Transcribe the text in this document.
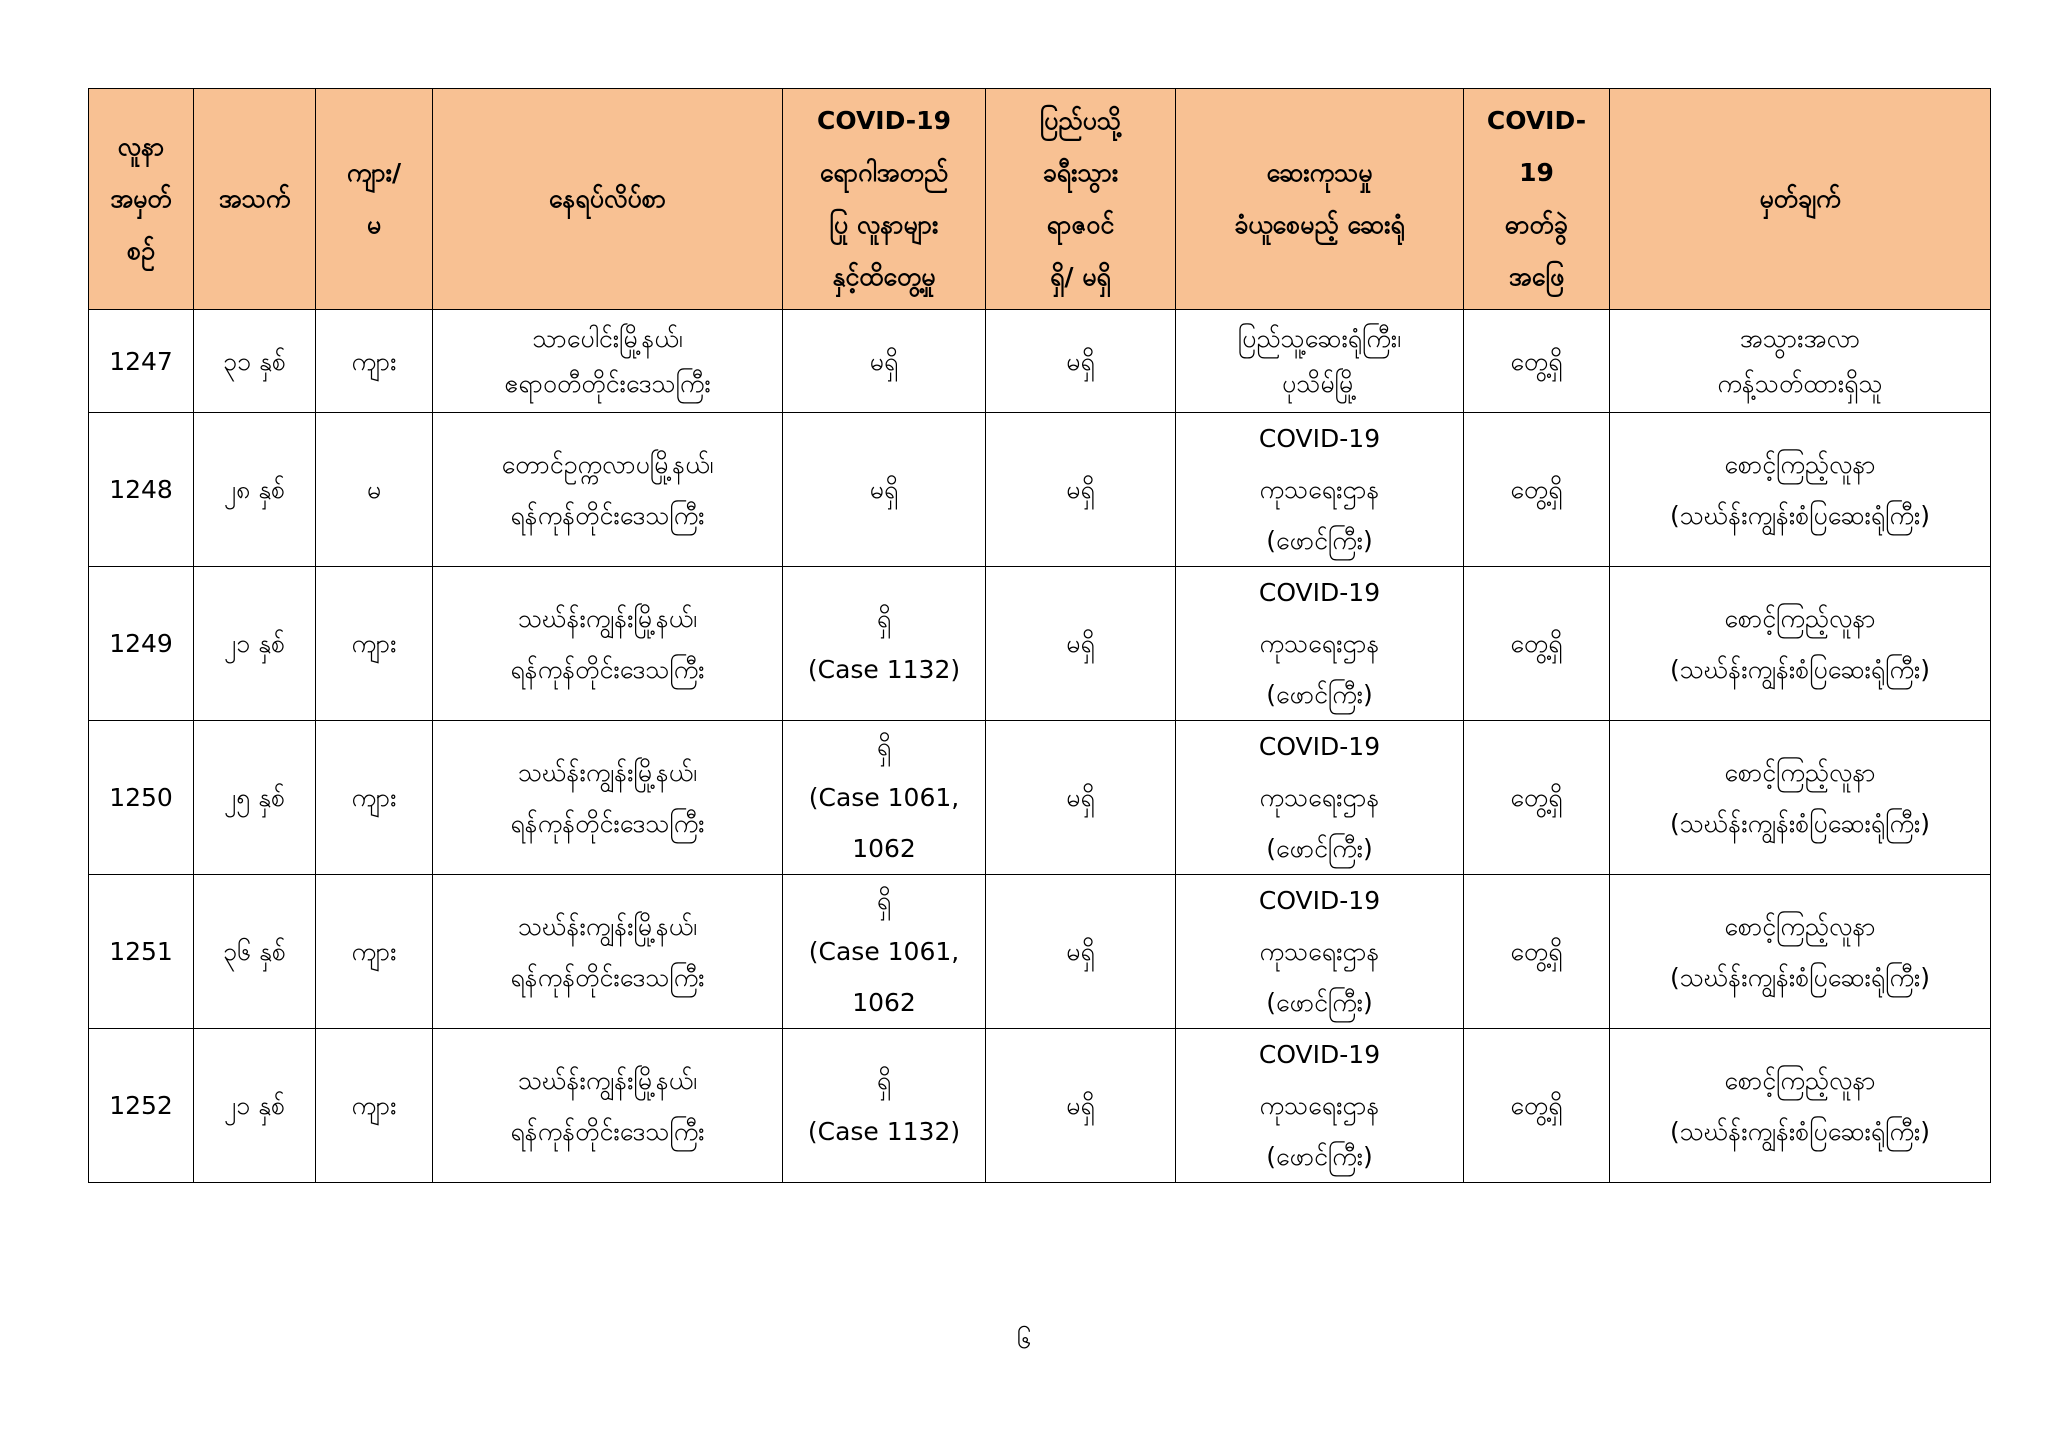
လူနာ
အမှတ်
စဉ်	အသက်	ကျား/
မ	နေရပ်လိပ်စာ	COVID-19
ရောဂါအတည်
ပြု လူနာများ
နှင့်ထိတွေ့မှု	ပြည်ပသို့
ခရီးသွား
ရာဇဝင်
ရှိ/ မရှိ	ဆေးကုသမှု
ခံယူစေမည့် ဆေးရုံ	COVID-
19
ဓာတ်ခွဲ
အဖြေ	မှတ်ချက်

1247	၃၁ နှစ်	ကျား	သာပေါင်းမြို့နယ်၊
ဧရာဝတီတိုင်းဒေသကြီး	မရှိ	မရှိ	ပြည်သူ့ဆေးရုံကြီး၊
ပုသိမ်မြို့	တွေ့ရှိ	အသွားအလာ
ကန့်သတ်ထားရှိသူ

1248	၂၈ နှစ်	မ	တောင်ဥက္ကလာပမြို့နယ်၊
ရန်ကုန်တိုင်းဒေသကြီး	မရှိ	မရှိ	COVID-19
ကုသရေးဌာန
(ဖောင်ကြီး)	တွေ့ရှိ	စောင့်ကြည့်လူနာ
(သဃ်န်းကျွန်းစံပြဆေးရုံကြီး)

1249	၂၁ နှစ်	ကျား	သဃ်န်းကျွန်းမြို့နယ်၊
ရန်ကုန်တိုင်းဒေသကြီး	ရှိ
(Case 1132)	မရှိ	COVID-19
ကုသရေးဌာန
(ဖောင်ကြီး)	တွေ့ရှိ	စောင့်ကြည့်လူနာ
(သဃ်န်းကျွန်းစံပြဆေးရုံကြီး)

1250	၂၅ နှစ်	ကျား	သဃ်န်းကျွန်းမြို့နယ်၊
ရန်ကုန်တိုင်းဒေသကြီး	ရှိ
(Case 1061,
1062	မရှိ	COVID-19
ကုသရေးဌာန
(ဖောင်ကြီး)	တွေ့ရှိ	စောင့်ကြည့်လူနာ
(သဃ်န်းကျွန်းစံပြဆေးရုံကြီး)

1251	၃၆ နှစ်	ကျား	သဃ်န်းကျွန်းမြို့နယ်၊
ရန်ကုန်တိုင်းဒေသကြီး	ရှိ
(Case 1061,
1062	မရှိ	COVID-19
ကုသရေးဌာန
(ဖောင်ကြီး)	တွေ့ရှိ	စောင့်ကြည့်လူနာ
(သဃ်န်းကျွန်းစံပြဆေးရုံကြီး)

1252	၂၁ နှစ်	ကျား	သဃ်န်းကျွန်းမြို့နယ်၊
ရန်ကုန်တိုင်းဒေသကြီး	ရှိ
(Case 1132)	မရှိ	COVID-19
ကုသရေးဌာန
(ဖောင်ကြီး)	တွေ့ရှိ	စောင့်ကြည့်လူနာ
(သဃ်န်းကျွန်းစံပြဆေးရုံကြီး)
၆
